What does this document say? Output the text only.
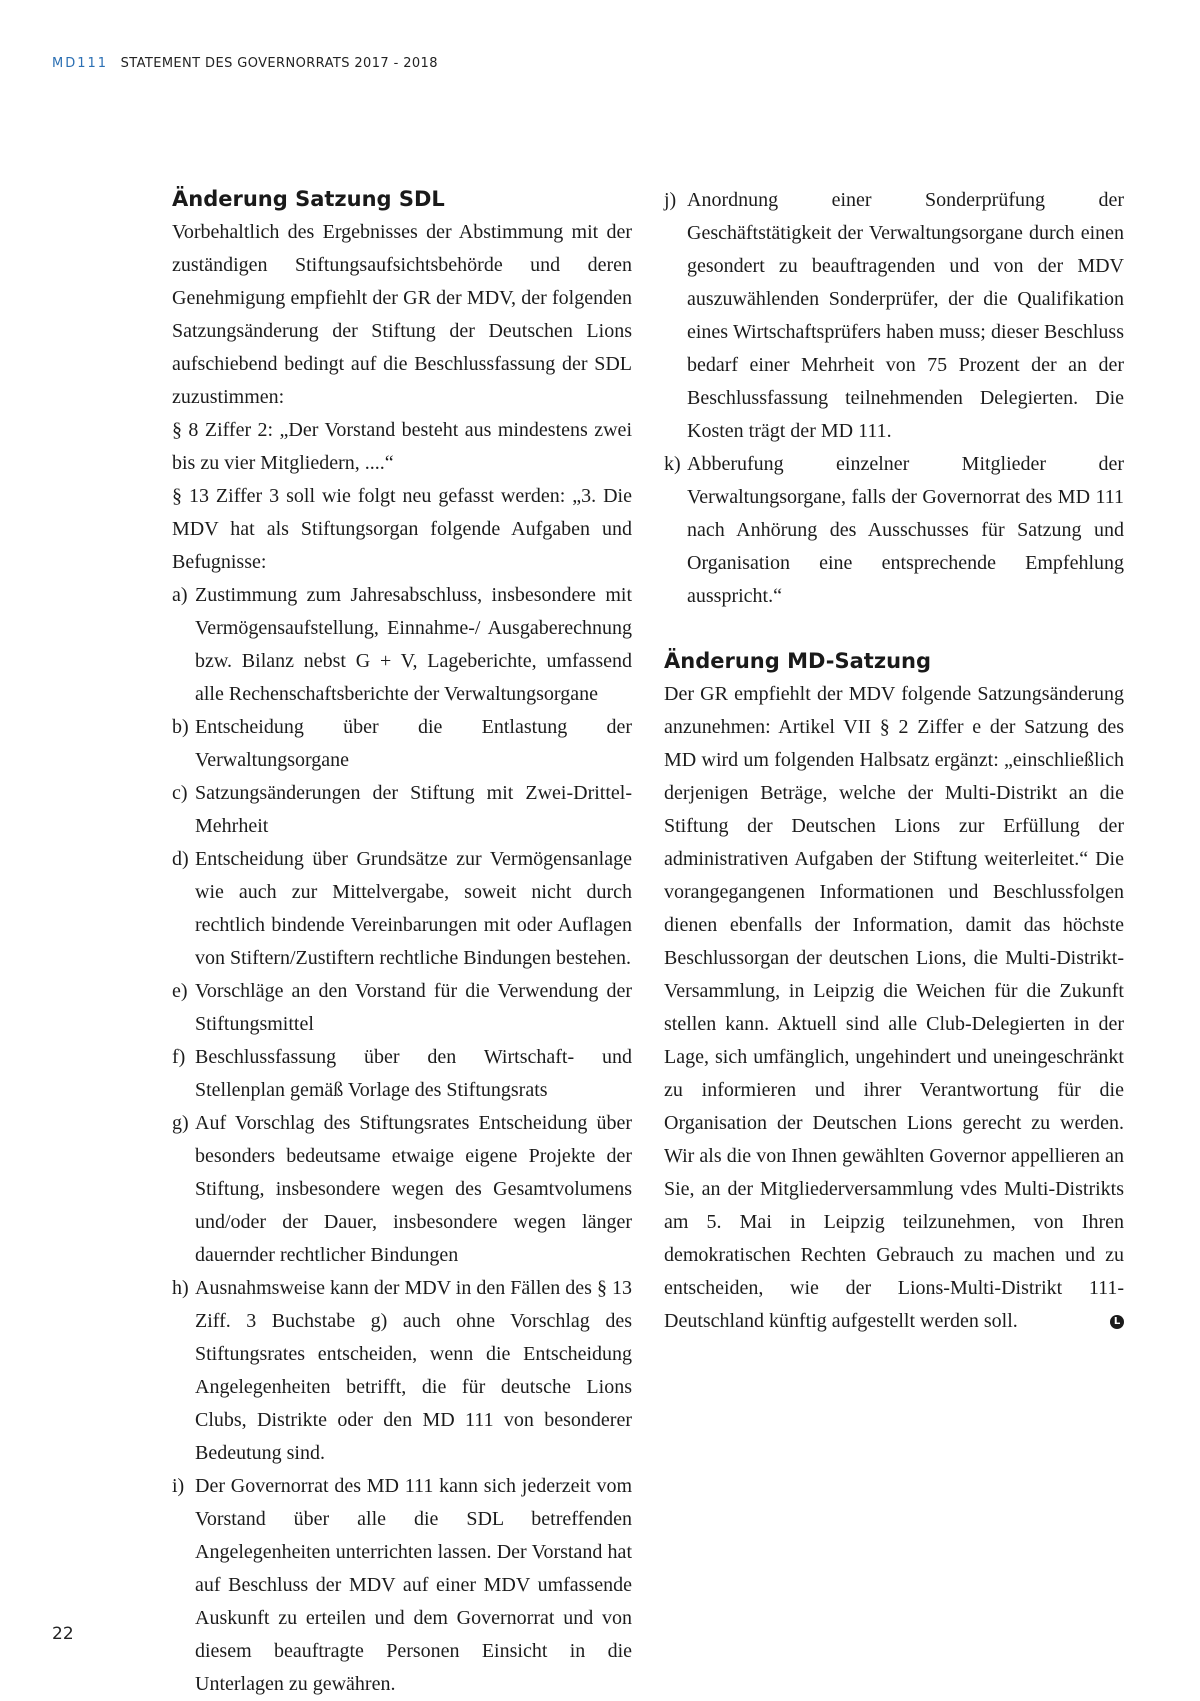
MD111 STATEMENT DES GOVERNORRATS 2017 - 2018
Änderung Satzung SDL

Vorbehaltlich des Ergebnisses der Abstimmung mit der zuständigen Stiftungsaufsichtsbehörde und deren Genehmigung empfiehlt der GR der MDV, der folgenden Satzungsänderung der Stiftung der Deutschen Lions aufschiebend bedingt auf die Beschlussfassung der SDL zuzustimmen:

§ 8 Ziffer 2: „Der Vorstand besteht aus mindestens zwei bis zu vier Mitgliedern, ....“

§ 13 Ziffer 3 soll wie folgt neu gefasst werden: „3. Die MDV hat als Stiftungsorgan folgende Aufgaben und Befugnisse:

a) Zustimmung zum Jahresabschluss, insbesondere mit Vermögensaufstellung, Einnahme-/ Ausgaberechnung bzw. Bilanz nebst G + V, Lageberichte, umfassend alle Rechenschaftsberichte der Verwaltungsorgane
b) Entscheidung über die Entlastung der Verwaltungsorgane
c) Satzungsänderungen der Stiftung mit Zwei-Drittel-Mehrheit
d) Entscheidung über Grundsätze zur Vermögensanlage wie auch zur Mittelvergabe, soweit nicht durch rechtlich bindende Vereinbarungen mit oder Auflagen von Stiftern/Zustiftern rechtliche Bindungen bestehen.
e) Vorschläge an den Vorstand für die Verwendung der Stiftungsmittel
f) Beschlussfassung über den Wirtschaft- und Stellenplan gemäß Vorlage des Stiftungsrats
g) Auf Vorschlag des Stiftungsrates Entscheidung über besonders bedeutsame etwaige eigene Projekte der Stiftung, insbesondere wegen des Gesamtvolumens und/oder der Dauer, insbesondere wegen länger dauernder rechtlicher Bindungen
h) Ausnahmsweise kann der MDV in den Fällen des § 13 Ziff. 3 Buchstabe g) auch ohne Vorschlag des Stiftungsrates entscheiden, wenn die Entscheidung Angelegenheiten betrifft, die für deutsche Lions Clubs, Distrikte oder den MD 111 von besonderer Bedeutung sind.
i) Der Governorrat des MD 111 kann sich jederzeit vom Vorstand über alle die SDL betreffenden Angelegenheiten unterrichten lassen. Der Vorstand hat auf Beschluss der MDV auf einer MDV umfassende Auskunft zu erteilen und dem Governorrat und von diesem beauftragte Personen Einsicht in die Unterlagen zu gewähren.
j) Anordnung einer Sonderprüfung der Geschäftstätigkeit der Verwaltungsorgane durch einen gesondert zu beauftragenden und von der MDV auszuwählenden Sonderprüfer, der die Qualifikation eines Wirtschaftsprüfers haben muss; dieser Beschluss bedarf einer Mehrheit von 75 Prozent der an der Beschlussfassung teilnehmenden Delegierten. Die Kosten trägt der MD 111.
k) Abberufung einzelner Mitglieder der Verwaltungsorgane, falls der Governorrat des MD 111 nach Anhörung des Ausschusses für Satzung und Organisation eine entsprechende Empfehlung ausspricht.“
Änderung MD-Satzung

Der GR empfiehlt der MDV folgende Satzungsänderung anzunehmen: Artikel VII § 2 Ziffer e der Satzung des MD wird um folgenden Halbsatz ergänzt: „einschließlich derjenigen Beträge, welche der Multi-Distrikt an die Stiftung der Deutschen Lions zur Erfüllung der administrativen Aufgaben der Stiftung weiterleitet.“ Die vorangegangenen Informationen und Beschlussfolgen dienen ebenfalls der Information, damit das höchste Beschlussorgan der deutschen Lions, die Multi-Distrikt-Versammlung, in Leipzig die Weichen für die Zukunft stellen kann. Aktuell sind alle Club-Delegierten in der Lage, sich umfänglich, ungehindert und uneingeschränkt zu informieren und ihrer Verantwortung für die Organisation der Deutschen Lions gerecht zu werden. Wir als die von Ihnen gewählten Governor appellieren an Sie, an der Mitgliederversammlung vdes Multi-Distrikts am 5. Mai in Leipzig teilzunehmen, von Ihren demokratischen Rechten Gebrauch zu machen und zu entscheiden, wie der Lions-Multi-Distrikt 111-Deutschland künftig aufgestellt werden soll.	L

22
